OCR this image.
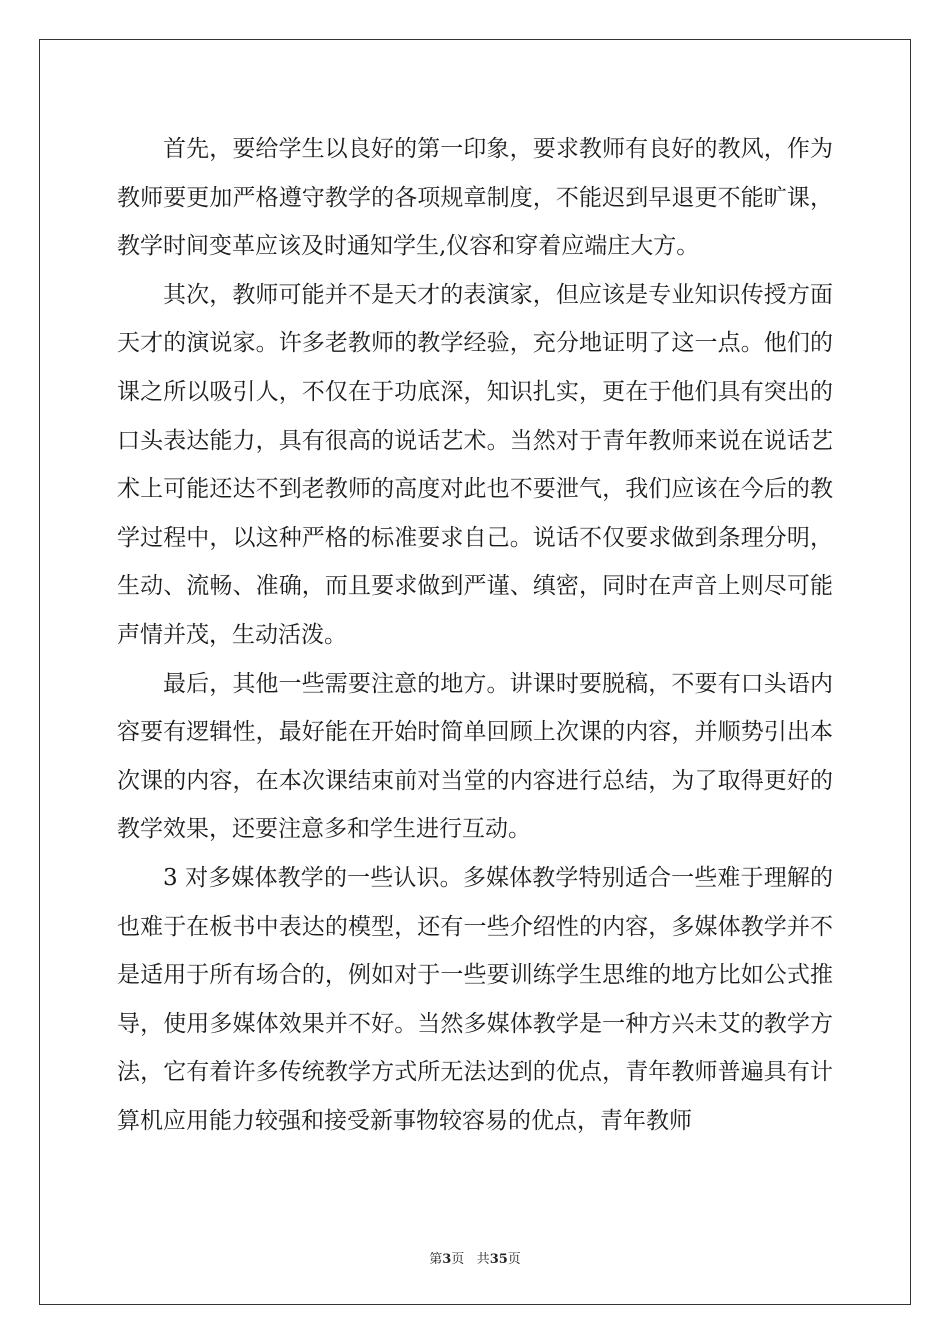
首先，要给学生以良好的第一印象，要求教师有良好的教风，作为教师要更加严格遵守教学的各项规章制度，不能迟到早退更不能旷课，教学时间变革应该及时通知学生,仪容和穿着应端庄大方。

其次，教师可能并不是天才的表演家，但应该是专业知识传授方面天才的演说家。许多老教师的教学经验，充分地证明了这一点。他们的课之所以吸引人，不仅在于功底深，知识扎实，更在于他们具有突出的口头表达能力，具有很高的说话艺术。当然对于青年教师来说在说话艺术上可能还达不到老教师的高度对此也不要泄气，我们应该在今后的教学过程中，以这种严格的标准要求自己。说话不仅要求做到条理分明，生动、流畅、准确，而且要求做到严谨、缜密，同时在声音上则尽可能声情并茂，生动活泼。

最后，其他一些需要注意的地方。讲课时要脱稿，不要有口头语内容要有逻辑性，最好能在开始时简单回顾上次课的内容，并顺势引出本次课的内容，在本次课结束前对当堂的内容进行总结，为了取得更好的教学效果，还要注意多和学生进行互动。

3 对多媒体教学的一些认识。多媒体教学特别适合一些难于理解的也难于在板书中表达的模型，还有一些介绍性的内容，多媒体教学并不是适用于所有场合的，例如对于一些要训练学生思维的地方比如公式推导，使用多媒体效果并不好。当然多媒体教学是一种方兴未艾的教学方法，它有着许多传统教学方式所无法达到的优点，青年教师普遍具有计算机应用能力较强和接受新事物较容易的优点，青年教师

第3页 共35页
